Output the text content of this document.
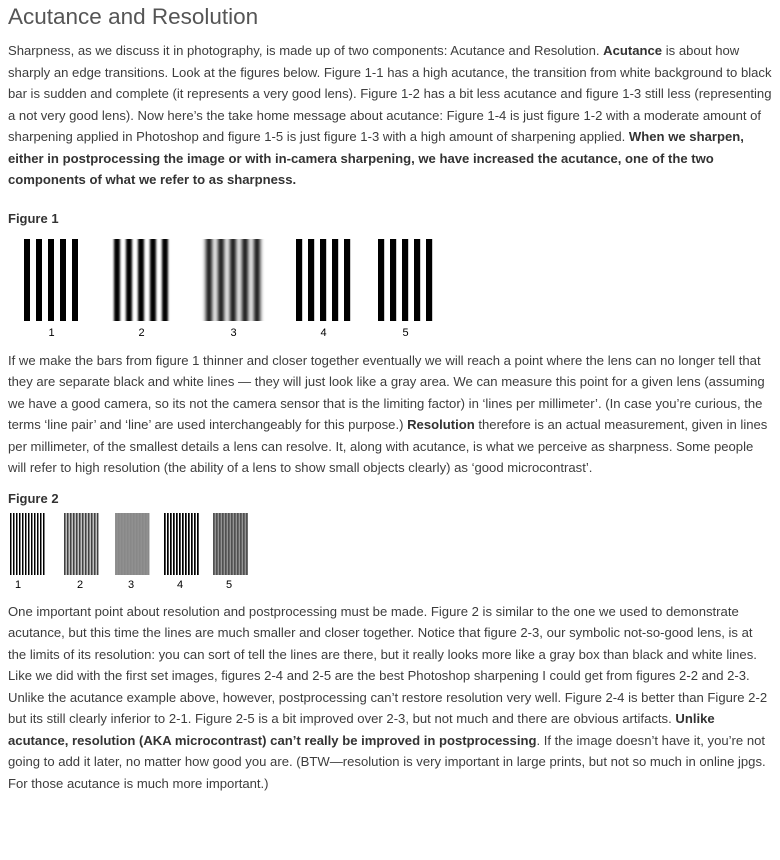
Acutance and Resolution

Sharpness, as we discuss it in photography, is made up of two components: Acutance and Resolution. Acutance is about how sharply an edge transitions. Look at the figures below. Figure 1-1 has a high acutance, the transition from white background to black bar is sudden and complete (it represents a very good lens). Figure 1-2 has a bit less acutance and figure 1-3 still less (representing a not very good lens). Now here’s the take home message about acutance: Figure 1-4 is just figure 1-2 with a moderate amount of sharpening applied in Photoshop and figure 1-5 is just figure 1-3 with a high amount of sharpening applied. When we sharpen, either in postprocessing the image or with in-camera sharpening, we have increased the acutance, one of the two components of what we refer to as sharpness.

Figure 1
1	2	3	4	5

If we make the bars from figure 1 thinner and closer together eventually we will reach a point where the lens can no longer tell that they are separate black and white lines — they will just look like a gray area. We can measure this point for a given lens (assuming we have a good camera, so its not the camera sensor that is the limiting factor) in ‘lines per millimeter’. (In case you’re curious, the terms ‘line pair’ and ‘line’ are used interchangeably for this purpose.) Resolution therefore is an actual measurement, given in lines per millimeter, of the smallest details a lens can resolve. It, along with acutance, is what we perceive as sharpness. Some people will refer to high resolution (the ability of a lens to show small objects clearly) as ‘good microcontrast’.

Figure 2
1	2	3	4	5

One important point about resolution and postprocessing must be made. Figure 2 is similar to the one we used to demonstrate acutance, but this time the lines are much smaller and closer together. Notice that figure 2-3, our symbolic not-so-good lens, is at the limits of its resolution: you can sort of tell the lines are there, but it really looks more like a gray box than black and white lines. Like we did with the first set images, figures 2-4 and 2-5 are the best Photoshop sharpening I could get from figures 2-2 and 2-3. Unlike the acutance example above, however, postprocessing can’t restore resolution very well. Figure 2-4 is better than Figure 2-2 but its still clearly inferior to 2-1. Figure 2-5 is a bit improved over 2-3, but not much and there are obvious artifacts. Unlike acutance, resolution (AKA microcontrast) can’t really be improved in postprocessing. If the image doesn’t have it, you’re not going to add it later, no matter how good you are. (BTW—resolution is very important in large prints, but not so much in online jpgs. For those acutance is much more important.)
